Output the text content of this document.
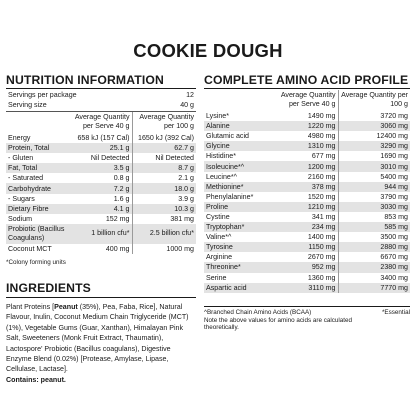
COOKIE DOUGH
NUTRITION INFORMATION
Servings per package	12
Serving size	40 g
	Average Quantity per Serve 40 g	Average Quantity per 100 g
Energy	658 kJ (157 Cal)	1650 kJ (392 Cal)
Protein, Total	25.1 g	62.7 g
- Gluten	Nil Detected	Nil Detected
Fat, Total	3.5 g	8.7 g
- Saturated	0.8 g	2.1 g
Carbohydrate	7.2 g	18.0 g
- Sugars	1.6 g	3.9 g
Dietary Fibre	4.1 g	10.3 g
Sodium	152 mg	381 mg
Probiotic (Bacillus Coagulans)	1 billion cfu*	2.5 billion cfu*
Coconut MCT	400 mg	1000 mg
*Colony forming units
INGREDIENTS
Plant Proteins [Peanut (35%), Pea, Faba, Rice], Natural Flavour, Inulin, Coconut Medium Chain Triglyceride (MCT) (1%), Vegetable Gums (Guar, Xanthan), Himalayan Pink Salt, Sweeteners (Monk Fruit Extract, Thaumatin), Lactospore' Probiotic (Bacillus coagulans), Digestive Enzyme Blend (0.02%) [Protease, Amylase, Lipase, Cellulase, Lactase].
Contains: peanut.
COMPLETE AMINO ACID PROFILE
	Average Quantity per Serve 40 g	Average Quantity per 100 g
Lysine*	1490 mg	3720 mg
Alanine	1220 mg	3060 mg
Glutamic acid	4980 mg	12400 mg
Glycine	1310 mg	3290 mg
Histidine*	677 mg	1690 mg
Isoleucine*^	1200 mg	3010 mg
Leucine*^	2160 mg	5400 mg
Methionine*	378 mg	944 mg
Phenylalanine*	1520 mg	3790 mg
Proline	1210 mg	3030 mg
Cystine	341 mg	853 mg
Tryptophan*	234 mg	585 mg
Valine*^	1400 mg	3500 mg
Tyrosine	1150 mg	2880 mg
Arginine	2670 mg	6670 mg
Threonine*	952 mg	2380 mg
Serine	1360 mg	3400 mg
Aspartic acid	3110 mg	7770 mg
^Branched Chain Amino Acids (BCAA)	*Essential
Note the above values for amino acids are calculated theoretically.
